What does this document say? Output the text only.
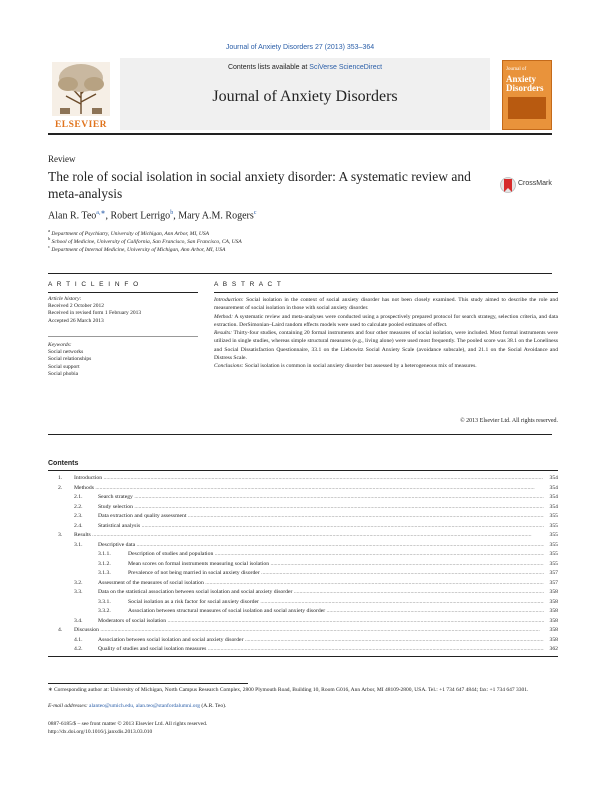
Journal of Anxiety Disorders 27 (2013) 353–364
Contents lists available at SciVerse ScienceDirect
Journal of Anxiety Disorders
ELSEVIER
Journal of
Anxiety Disorders
Review
The role of social isolation in social anxiety disorder: A systematic review and meta-analysis
CrossMark
Alan R. Teo$^{a,∗}$, Robert Lerrigo$^b$, Mary A.M. Rogers$^c$
$^a$ Department of Psychiatry, University of Michigan, Ann Arbor, MI, USA
$^b$ School of Medicine, University of California, San Francisco, San Francisco, CA, USA
$^c$ Department of Internal Medicine, University of Michigan, Ann Arbor, MI, USA
A R T I C L E I N F O	A B S T R A C T
Article history:
Received 2 October 2012
Received in revised form 1 February 2013
Accepted 26 March 2013
Keywords:
Social networks
Social relationships
Social support
Social phobia
Introduction: Social isolation in the context of social anxiety disorder has not been closely examined. This study aimed to describe the role and measurement of social isolation in those with social anxiety disorder.
Method: A systematic review and meta-analyses were conducted using a prospectively prepared protocol for search strategy, selection criteria, and data extraction. DerSimonian–Laird random effects models were used to calculate pooled estimates of effect.
Results: Thirty-four studies, containing 20 formal instruments and four other measures of social isolation, were included. Most formal instruments were utilized in single studies, whereas simple structural measures (e.g., living alone) were used most frequently. The pooled score was 38.1 on the Loneliness and Social Dissatisfaction Questionnaire, 33.1 on the Liebowitz Social Anxiety Scale (avoidance subscale), and 21.1 on the Social Avoidance and Distress Scale.
Conclusions: Social isolation is common in social anxiety disorder but assessed by a heterogeneous mix of measures.
© 2013 Elsevier Ltd. All rights reserved.
Contents
1. Introduction .....	354
2. Methods .....	354
2.1.	Search strategy .....	354
2.2.	Study selection .....	354
2.3.	Data extraction and quality assessment .....	355
2.4.	Statistical analysis .....	355
3. Results .....	355
3.1.	Descriptive data .....	355
3.1.1.	Description of studies and population .....	355
3.1.2.	Mean scores on formal instruments measuring social isolation .....	355
3.1.3.	Prevalence of not being married in social anxiety disorder .....	357
3.2.	Assessment of the measures of social isolation .....	357
3.3.	Data on the statistical association between social isolation and social anxiety disorder .....	358
3.3.1.	Social isolation as a risk factor for social anxiety disorder .....	358
3.3.2.	Association between structural measures of social isolation and social anxiety disorder .....	358
3.4.	Moderators of social isolation .....	358
4. Discussion .....	358
4.1.	Association between social isolation and social anxiety disorder .....	358
4.2.	Quality of studies and social isolation measures .....	362
∗ Corresponding author at: University of Michigan, North Campus Research Complex, 2800 Plymouth Road, Building 10, Room G016, Ann Arbor, MI 48109-2800, USA. Tel.: +1 734 647 4844; fax: +1 734 647 3301.
E-mail addresses: alanteo@umich.edu, alan.teo@stanfordalumni.org (A.R. Teo).
0887-6185/$ – see front matter © 2013 Elsevier Ltd. All rights reserved.
http://dx.doi.org/10.1016/j.janxdis.2013.03.010
